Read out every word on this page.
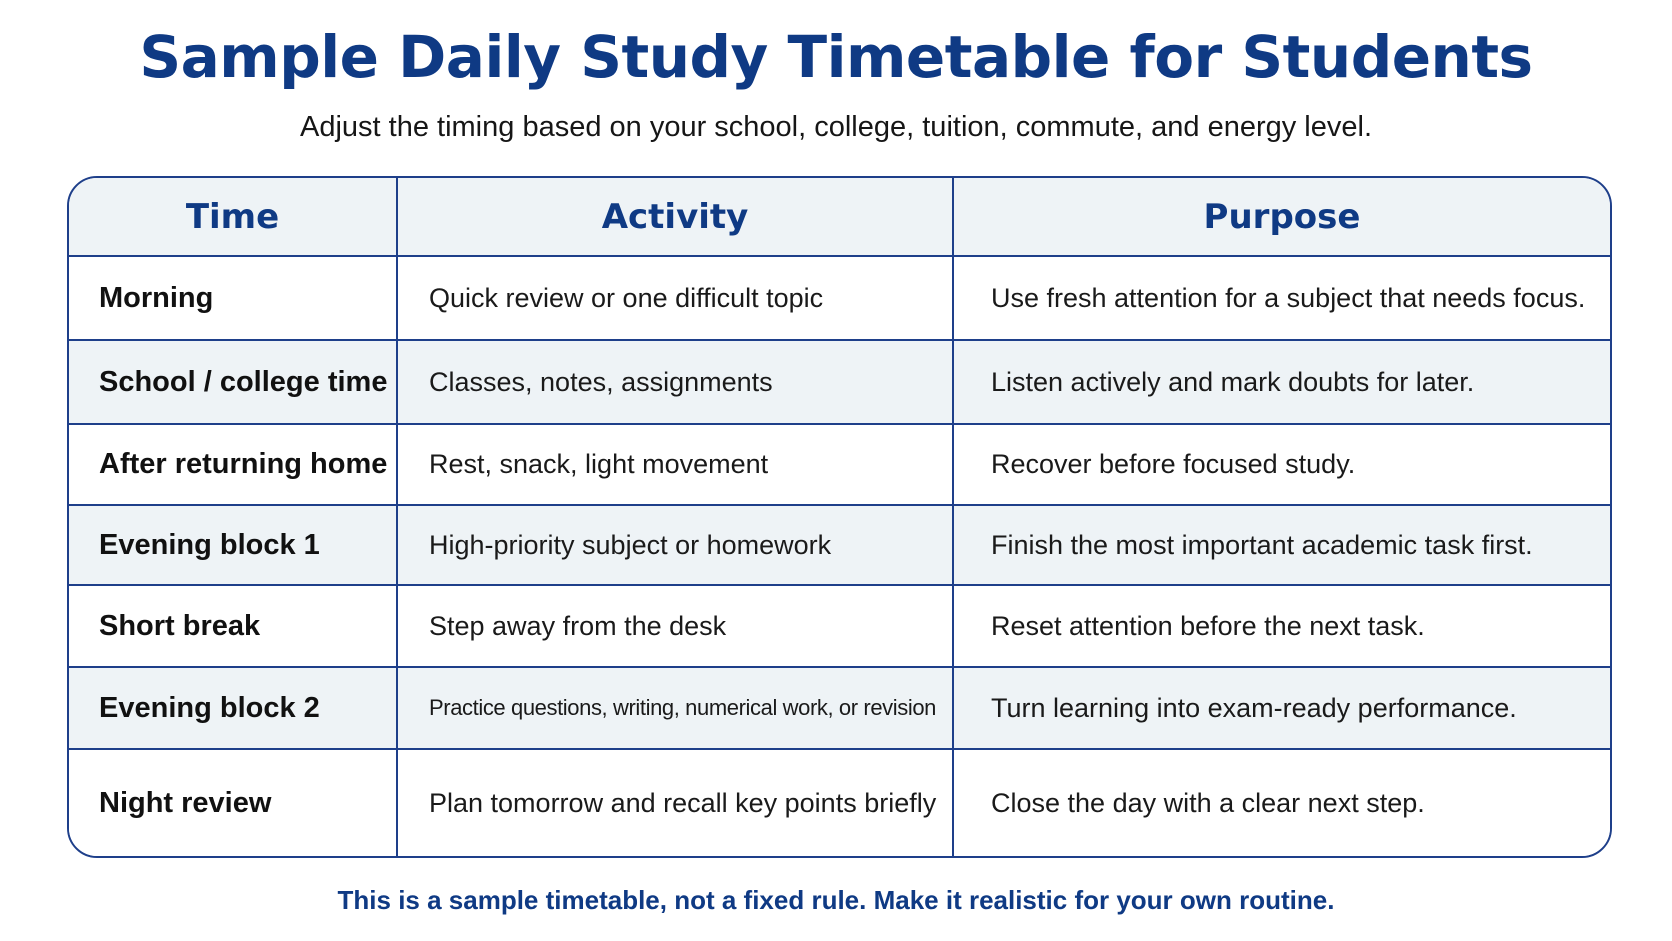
Sample Daily Study Timetable for Students

Adjust the timing based on your school, college, tuition, commute, and energy level.

Time	Activity	Purpose
Morning	Quick review or one difficult topic	Use fresh attention for a subject that needs focus.
School / college time	Classes, notes, assignments	Listen actively and mark doubts for later.
After returning home	Rest, snack, light movement	Recover before focused study.
Evening block 1	High-priority subject or homework	Finish the most important academic task first.
Short break	Step away from the desk	Reset attention before the next task.
Evening block 2	Practice questions, writing, numerical work, or revision	Turn learning into exam-ready performance.
Night review	Plan tomorrow and recall key points briefly	Close the day with a clear next step.

This is a sample timetable, not a fixed rule. Make it realistic for your own routine.
